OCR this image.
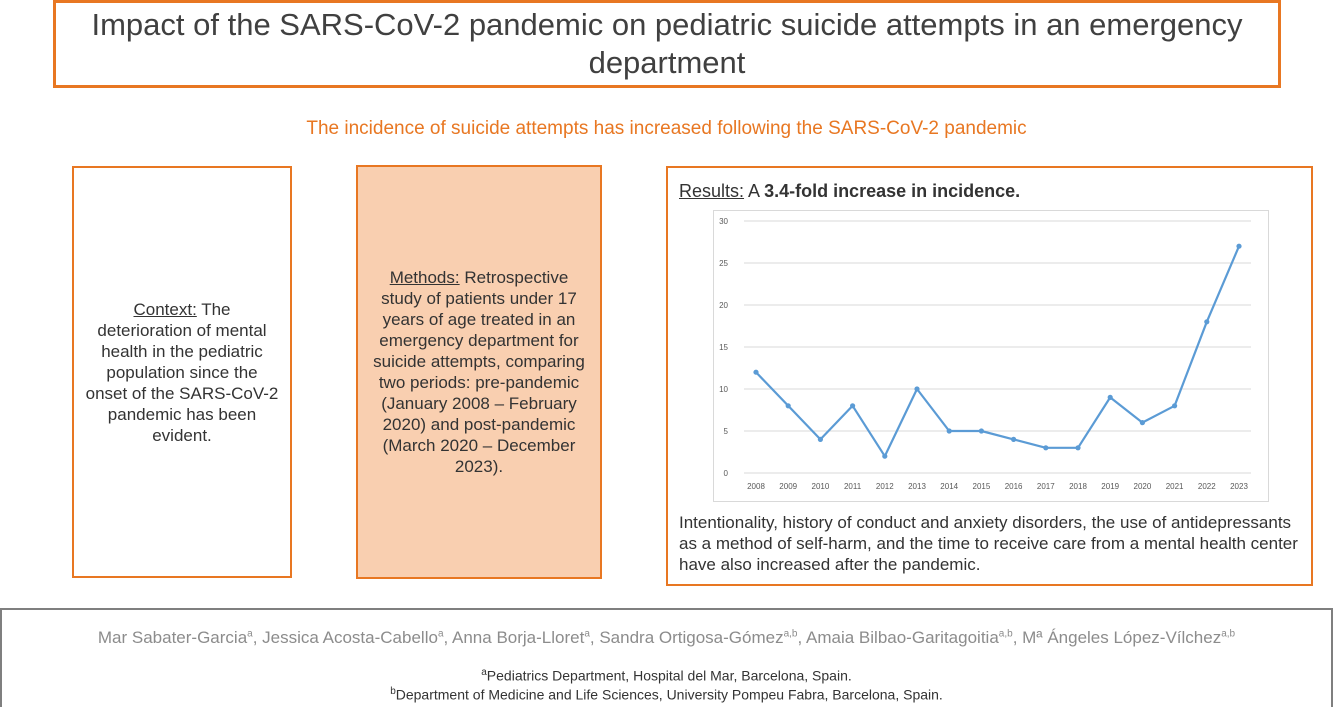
Impact of the SARS-CoV-2 pandemic on pediatric suicide attempts in an emergency department
The incidence of suicide attempts has increased following the SARS-CoV-2 pandemic
Context: The deterioration of mental health in the pediatric population since the onset of the SARS-CoV-2 pandemic has been evident.
Methods: Retrospective study of patients under 17 years of age treated in an emergency department for suicide attempts, comparing two periods: pre-pandemic (January 2008 – February 2020) and post-pandemic (March 2020 – December 2023).
Results: A 3.4-fold increase in incidence.
0
5
10
15
20
25
30
2008 2009 2010 2011 2012 2013 2014 2015 2016 2017 2018 2019 2020 2021 2022 2023
Intentionality, history of conduct and anxiety disorders, the use of antidepressants as a method of self-harm, and the time to receive care from a mental health center have also increased after the pandemic.
Mar Sabater-Garcia$^a$, Jessica Acosta-Cabello$^a$, Anna Borja-Lloret$^a$, Sandra Ortigosa-Gómez$^{a,b}$, Amaia Bilbao-Garitagoitia$^{a,b}$, Mª Ángeles López-Vílchez$^{a,b}$
$^a$Pediatrics Department, Hospital del Mar, Barcelona, Spain.
$^b$Department of Medicine and Life Sciences, University Pompeu Fabra, Barcelona, Spain.
